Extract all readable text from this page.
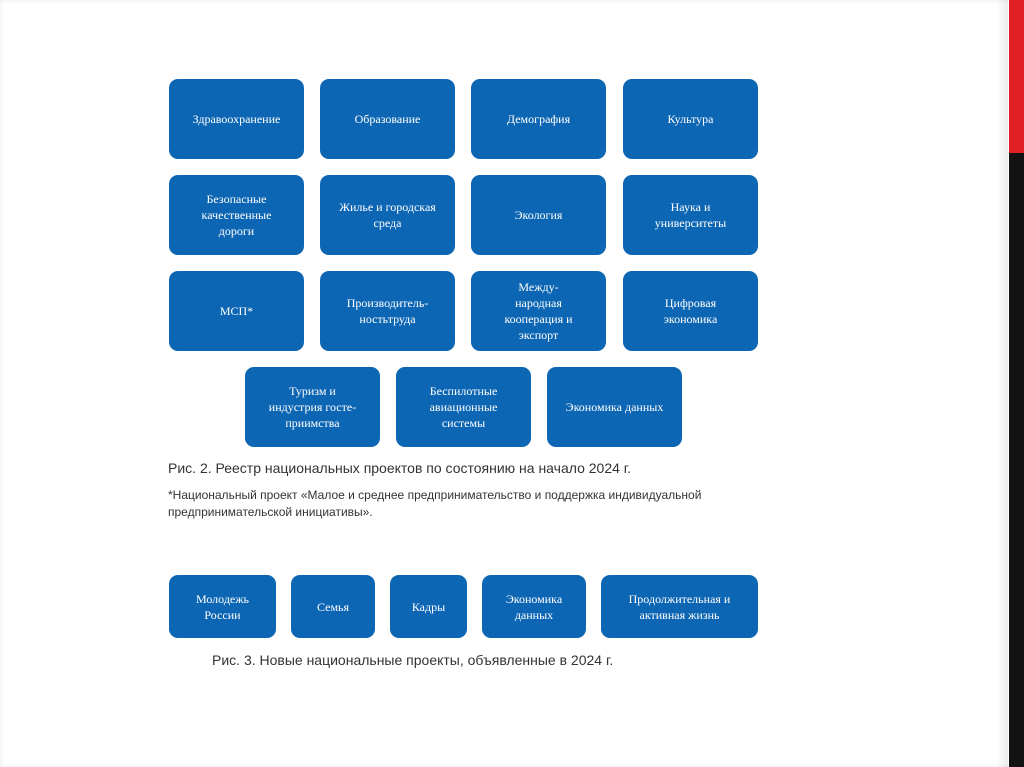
Здравоохранение	Образование	Демография	Культура
Безопасные
качественные
дороги
Жилье и городская
среда
Экология
Наука и
университеты
МСП*
Производитель-
ностьтруда
Между-
народная
кооперация и
экспорт
Цифровая
экономика
Туризм и
индустрия госте-
приимства
Беспилотные
авиационные
системы
Экономика данных
Рис. 2. Реестр национальных проектов по состоянию на начало 2024 г.
*Национальный проект «Малое и среднее предпринимательство и поддержка индивидуальной предпринимательской инициативы».
Молодежь
России
Семья	Кадры
Экономика
данных
Продолжительная и
активная жизнь
Рис. 3. Новые национальные проекты, объявленные в 2024 г.
